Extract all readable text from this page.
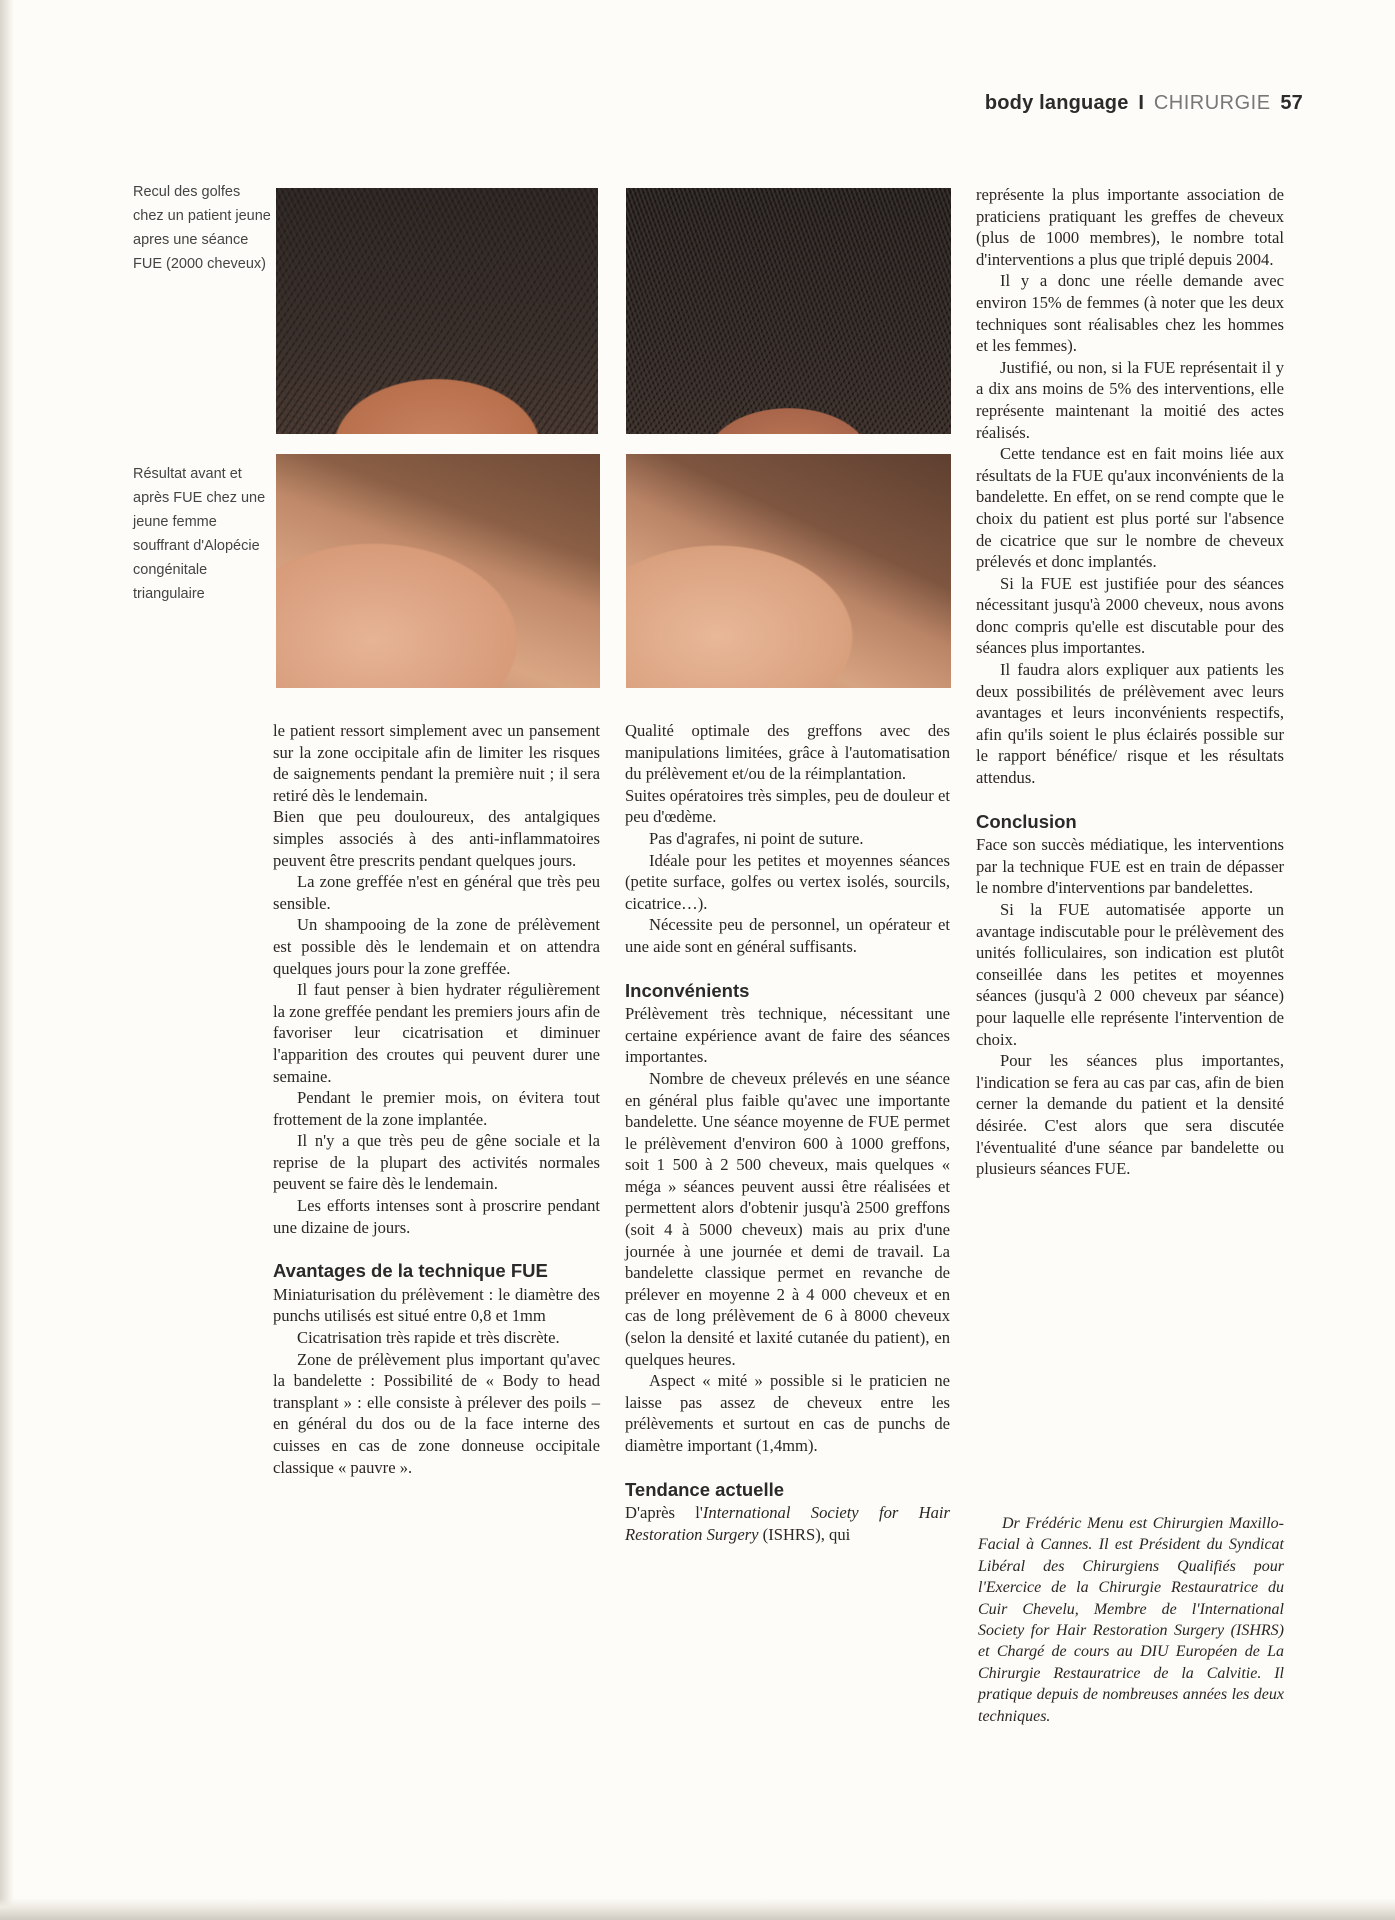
body language I CHIRURGIE 57
Recul des golfes chez un patient jeune apres une séance FUE (2000 cheveux)
Résultat avant et après FUE chez une jeune femme souffrant d'Alopécie congénitale triangulaire

le patient ressort simplement avec un pansement sur la zone occipitale afin de limiter les risques de saignements pendant la première nuit ; il sera retiré dès le lendemain.

Bien que peu douloureux, des antalgiques simples associés à des anti-inflammatoires peuvent être prescrits pendant quelques jours.

La zone greffée n'est en général que très peu sensible.

Un shampooing de la zone de prélèvement est possible dès le lendemain et on attendra quelques jours pour la zone greffée.

Il faut penser à bien hydrater régulièrement la zone greffée pendant les premiers jours afin de favoriser leur cicatrisation et diminuer l'apparition des croutes qui peuvent durer une semaine.

Pendant le premier mois, on évitera tout frottement de la zone implantée.

Il n'y a que très peu de gêne sociale et la reprise de la plupart des activités normales peuvent se faire dès le lendemain.

Les efforts intenses sont à proscrire pendant une dizaine de jours.

Avantages de la technique FUE

Miniaturisation du prélèvement : le diamètre des punchs utilisés est situé entre 0,8 et 1mm

Cicatrisation très rapide et très discrète.

Zone de prélèvement plus important qu'avec la bandelette : Possibilité de « Body to head transplant » : elle consiste à prélever des poils – en général du dos ou de la face interne des cuisses en cas de zone donneuse occipitale classique « pauvre ».

Qualité optimale des greffons avec des manipulations limitées, grâce à l'automatisation du prélèvement et/ou de la réimplantation.

Suites opératoires très simples, peu de douleur et peu d'œdème.

Pas d'agrafes, ni point de suture.

Idéale pour les petites et moyennes séances (petite surface, golfes ou vertex isolés, sourcils, cicatrice…).

Nécessite peu de personnel, un opérateur et une aide sont en général suffisants.

Inconvénients

Prélèvement très technique, nécessitant une certaine expérience avant de faire des séances importantes.

Nombre de cheveux prélevés en une séance en général plus faible qu'avec une importante bandelette. Une séance moyenne de FUE permet le prélèvement d'environ 600 à 1000 greffons, soit 1 500 à 2 500 cheveux, mais quelques « méga » séances peuvent aussi être réalisées et permettent alors d'obtenir jusqu'à 2500 greffons (soit 4 à 5000 cheveux) mais au prix d'une journée à une journée et demi de travail. La bandelette classique permet en revanche de prélever en moyenne 2 à 4 000 cheveux et en cas de long prélèvement de 6 à 8000 cheveux (selon la densité et laxité cutanée du patient), en quelques heures.

Aspect « mité » possible si le praticien ne laisse pas assez de cheveux entre les prélèvements et surtout en cas de punchs de diamètre important (1,4mm).

Tendance actuelle

D'après l'International Society for Hair Restoration Surgery (ISHRS), qui

représente la plus importante association de praticiens pratiquant les greffes de cheveux (plus de 1000 membres), le nombre total d'interventions a plus que triplé depuis 2004.

Il y a donc une réelle demande avec environ 15% de femmes (à noter que les deux techniques sont réalisables chez les hommes et les femmes).

Justifié, ou non, si la FUE représentait il y a dix ans moins de 5% des interventions, elle représente maintenant la moitié des actes réalisés.

Cette tendance est en fait moins liée aux résultats de la FUE qu'aux inconvénients de la bandelette. En effet, on se rend compte que le choix du patient est plus porté sur l'absence de cicatrice que sur le nombre de cheveux prélevés et donc implantés.

Si la FUE est justifiée pour des séances nécessitant jusqu'à 2000 cheveux, nous avons donc compris qu'elle est discutable pour des séances plus importantes.

Il faudra alors expliquer aux patients les deux possibilités de prélèvement avec leurs avantages et leurs inconvénients respectifs, afin qu'ils soient le plus éclairés possible sur le rapport bénéfice/ risque et les résultats attendus.

Conclusion

Face son succès médiatique, les interventions par la technique FUE est en train de dépasser le nombre d'interventions par bandelettes.

Si la FUE automatisée apporte un avantage indiscutable pour le prélèvement des unités folliculaires, son indication est plutôt conseillée dans les petites et moyennes séances (jusqu'à 2 000 cheveux par séance) pour laquelle elle représente l'intervention de choix.

Pour les séances plus importantes, l'indication se fera au cas par cas, afin de bien cerner la demande du patient et la densité désirée. C'est alors que sera discutée l'éventualité d'une séance par bandelette ou plusieurs séances FUE.

Dr Frédéric Menu est Chirurgien Maxillo-Facial à Cannes. Il est Président du Syndicat Libéral des Chirurgiens Qualifiés pour l'Exercice de la Chirurgie Restauratrice du Cuir Chevelu, Membre de l'International Society for Hair Restoration Surgery (ISHRS) et Chargé de cours au DIU Européen de La Chirurgie Restauratrice de la Calvitie. Il pratique depuis de nombreuses années les deux techniques.
